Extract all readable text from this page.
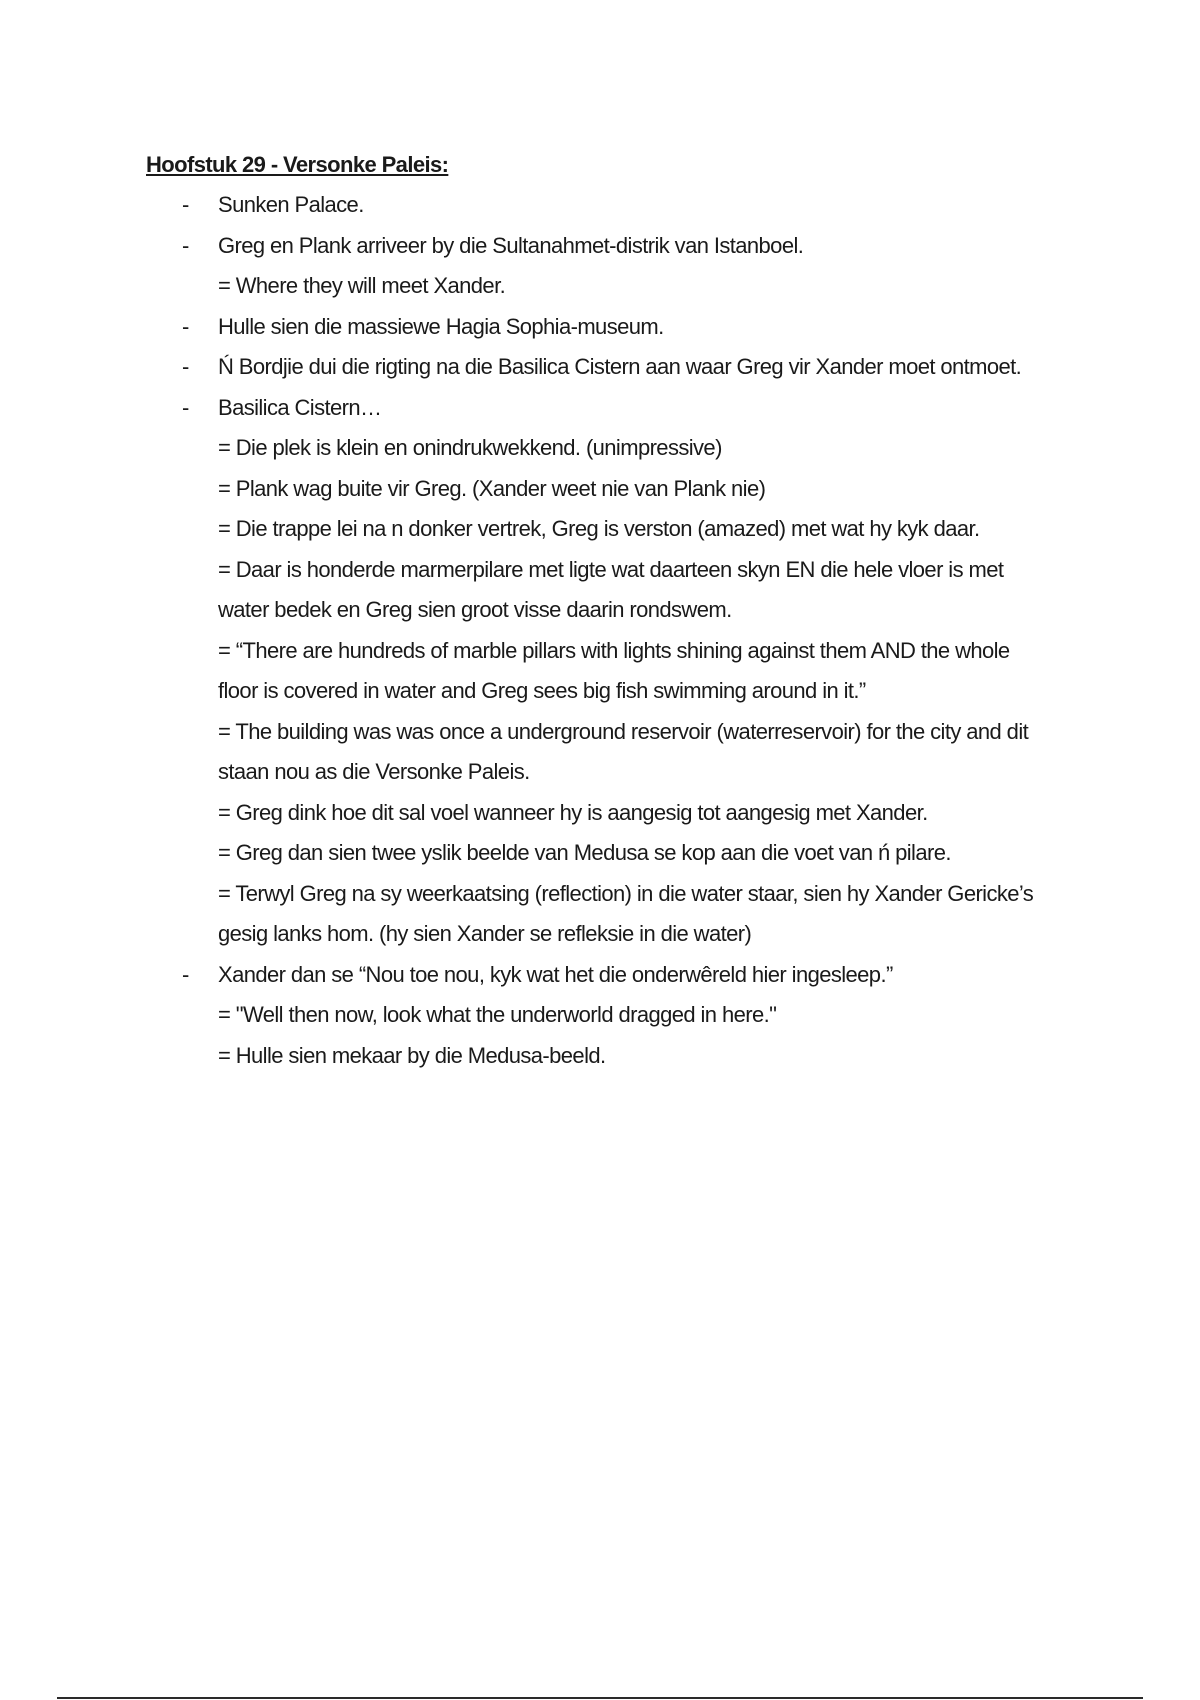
Hoofstuk 29 - Versonke Paleis:
- Sunken Palace.
- Greg en Plank arriveer by die Sultanahmet-distrik van Istanboel.
= Where they will meet Xander.
- Hulle sien die massiewe Hagia Sophia-museum.
- Ń Bordjie dui die rigting na die Basilica Cistern aan waar Greg vir Xander moet ontmoet.
- Basilica Cistern…
= Die plek is klein en onindrukwekkend. (unimpressive)
= Plank wag buite vir Greg. (Xander weet nie van Plank nie)
= Die trappe lei na n donker vertrek, Greg is verston (amazed) met wat hy kyk daar.
= Daar is honderde marmerpilare met ligte wat daarteen skyn EN die hele vloer is met
water bedek en Greg sien groot visse daarin rondswem.
= “There are hundreds of marble pillars with lights shining against them AND the whole
floor is covered in water and Greg sees big fish swimming around in it.”
= The building was was once a underground reservoir (waterreservoir) for the city and dit
staan nou as die Versonke Paleis.
= Greg dink hoe dit sal voel wanneer hy is aangesig tot aangesig met Xander.
= Greg dan sien twee yslik beelde van Medusa se kop aan die voet van ń pilare.
= Terwyl Greg na sy weerkaatsing (reflection) in die water staar, sien hy Xander Gericke’s
gesig lanks hom. (hy sien Xander se refleksie in die water)
- Xander dan se “Nou toe nou, kyk wat het die onderwêreld hier ingesleep.”
= "Well then now, look what the underworld dragged in here."
= Hulle sien mekaar by die Medusa-beeld.
